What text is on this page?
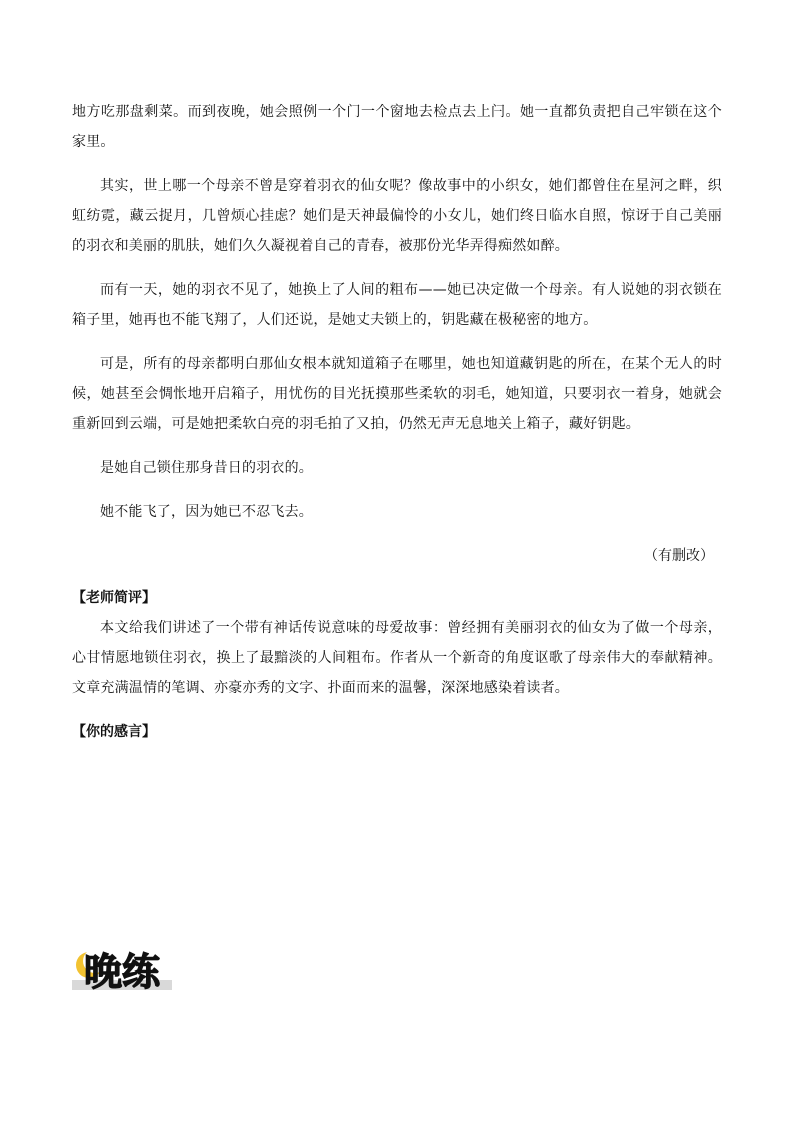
地方吃那盘剩菜。而到夜晚，她会照例一个门一个窗地去检点去上闩。她一直都负责把自己牢锁在这个家里。

其实，世上哪一个母亲不曾是穿着羽衣的仙女呢？像故事中的小织女，她们都曾住在星河之畔，织虹纺霓，藏云捉月，几曾烦心挂虑？她们是天神最偏怜的小女儿，她们终日临水自照，惊讶于自己美丽的羽衣和美丽的肌肤，她们久久凝视着自己的青春，被那份光华弄得痴然如醉。

而有一天，她的羽衣不见了，她换上了人间的粗布——她已决定做一个母亲。有人说她的羽衣锁在箱子里，她再也不能飞翔了，人们还说，是她丈夫锁上的，钥匙藏在极秘密的地方。

可是，所有的母亲都明白那仙女根本就知道箱子在哪里，她也知道藏钥匙的所在，在某个无人的时候，她甚至会惆怅地开启箱子，用忧伤的目光抚摸那些柔软的羽毛，她知道，只要羽衣一着身，她就会重新回到云端，可是她把柔软白亮的羽毛拍了又拍，仍然无声无息地关上箱子，藏好钥匙。

是她自己锁住那身昔日的羽衣的。

她不能飞了，因为她已不忍飞去。

（有删改）

【老师简评】

本文给我们讲述了一个带有神话传说意味的母爱故事：曾经拥有美丽羽衣的仙女为了做一个母亲，心甘情愿地锁住羽衣，换上了最黯淡的人间粗布。作者从一个新奇的角度讴歌了母亲伟大的奉献精神。文章充满温情的笔调、亦豪亦秀的文字、扑面而来的温馨，深深地感染着读者。

【你的感言】

晚练
